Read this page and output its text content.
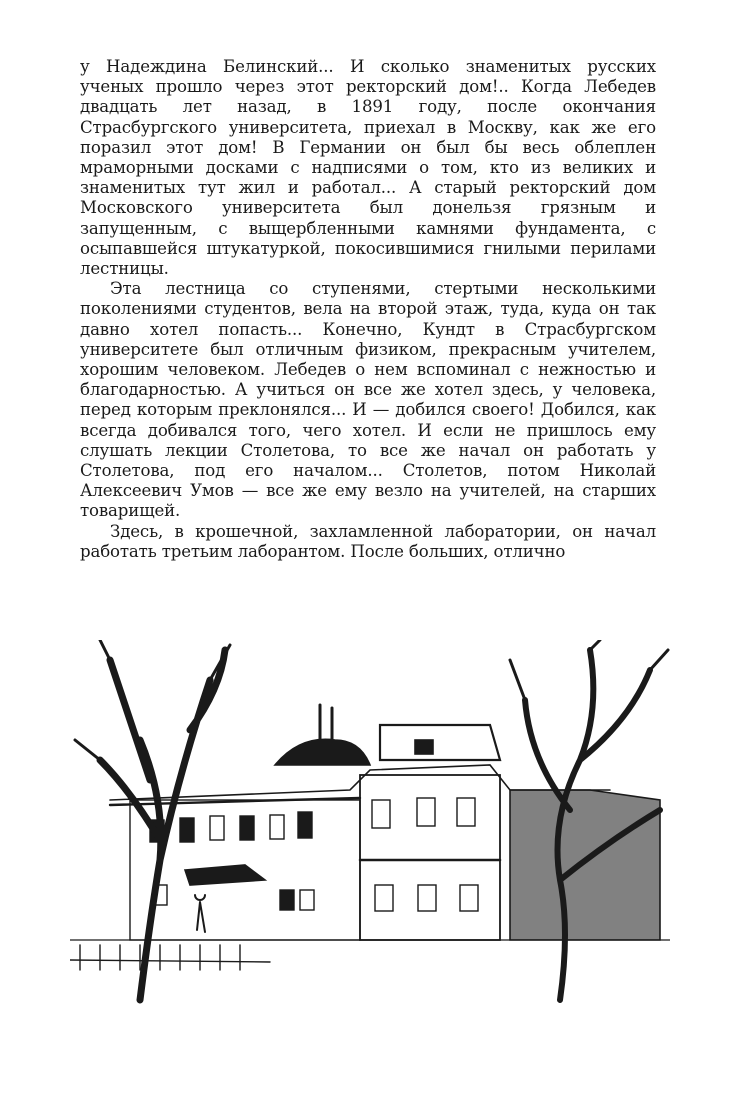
у Надеждина Белинский... И сколько знаменитых русских ученых прошло через этот ректорский дом!.. Когда Лебедев двадцать лет назад, в 1891 году, после окончания Страсбургского университета, приехал в Москву, как же его поразил этот дом! В Германии он был бы весь облеплен мраморными досками с надписями о том, кто из великих и знаменитых тут жил и работал... А старый ректорский дом Московского университета был донельзя грязным и запущенным, с выщербленными камнями фундамента, с осыпавшейся штукатуркой, покосившимися гнилыми перилами лестницы.

Эта лестница со ступенями, стертыми несколькими поколениями студентов, вела на второй этаж, туда, куда он так давно хотел попасть... Конечно, Кундт в Страсбургском университете был отличным физиком, прекрасным учителем, хорошим человеком. Лебедев о нем вспоминал с нежностью и благодарностью. А учиться он все же хотел здесь, у человека, перед которым преклонялся... И — добился своего! Добился, как всегда добивался того, чего хотел. И если не пришлось ему слушать лекции Столетова, то все же начал он работать у Столетова, под его началом... Столетов, потом Николай Алексеевич Умов — все же ему везло на учителей, на старших товарищей.

Здесь, в крошечной, захламленной лаборатории, он начал работать третьим лаборантом. После больших, отлично
